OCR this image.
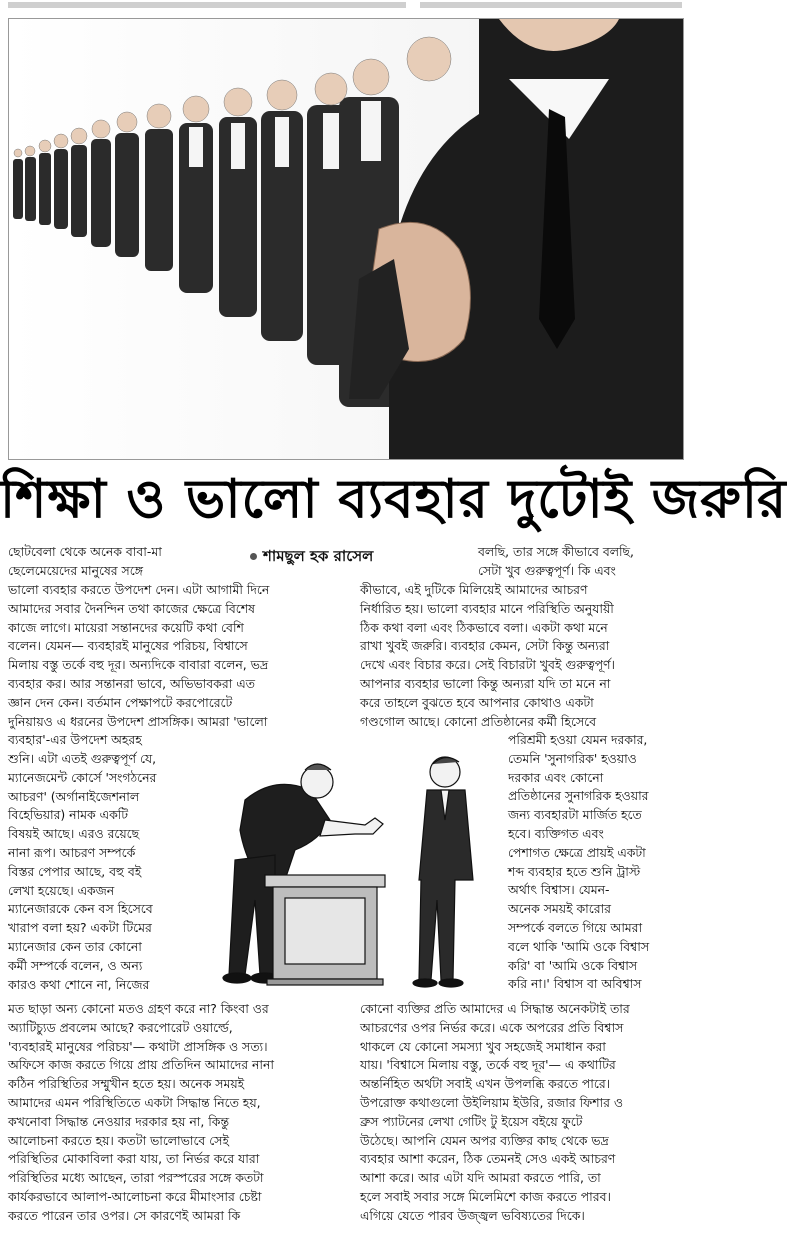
শিক্ষা ও ভালো ব্যবহার দুটোই জরুরি

ছোটবেলা থেকে অনেক বাবা-মা

ছেলেমেয়েদের মানুষের সঙ্গে

শামছুল হক রাসেল

ভালো ব্যবহার করতে উপদেশ দেন। এটা আগামী দিনে

আমাদের সবার দৈনন্দিন তথা কাজের ক্ষেত্রে বিশেষ

কাজে লাগে। মায়েরা সন্তানদের কয়েটি কথা বেশি

বলেন। যেমন— ব্যবহারই মানুষের পরিচয়, বিশ্বাসে

মিলায় বস্তু তর্কে বহু দূর। অন্যদিকে বাবারা বলেন, ভদ্র

ব্যবহার কর। আর সন্তানরা ভাবে, অভিভাবকরা এত

জ্ঞান দেন কেন। বর্তমান পেক্ষাপটে করপোরেটে

দুনিয়ায়ও এ ধরনের উপদেশ প্রাসঙ্গিক। আমরা 'ভালো

ব্যবহার'-এর উপদেশ অহরহ

শুনি। এটা এতই গুরুত্বপূর্ণ যে,

ম্যানেজমেন্ট কোর্সে 'সংগঠনের

আচরণ' (অর্গানাইজেশনাল

বিহেভিয়ার) নামক একটি

বিষয়ই আছে। এরও রয়েছে

নানা রূপ। আচরণ সম্পর্কে

বিস্তর পেপার আছে, বহু বই

লেখা হয়েছে। একজন

ম্যানেজারকে কেন বস হিসেবে

খারাপ বলা হয়? একটা টিমের

ম্যানেজার কেন তার কোনো

কর্মী সম্পর্কে বলেন, ও অন্য

কারও কথা শোনে না, নিজের

মত ছাড়া অন্য কোনো মতও গ্রহণ করে না? কিংবা ওর

অ্যাটিচ্যুড প্রবলেম আছে? করপোরেট ওয়ার্ল্ডে,

'ব্যবহারই মানুষের পরিচয়'— কথাটা প্রাসঙ্গিক ও সত্য।

অফিসে কাজ করতে গিয়ে প্রায় প্রতিদিন আমাদের নানা

কঠিন পরিস্থিতির সম্মুখীন হতে হয়। অনেক সময়ই

আমাদের এমন পরিস্থিতিতে একটা সিদ্ধান্ত নিতে হয়,

কখনোবা সিদ্ধান্ত নেওয়ার দরকার হয় না, কিন্তু

আলোচনা করতে হয়। কতটা ভালোভাবে সেই

পরিস্থিতির মোকাবিলা করা যায়, তা নির্ভর করে যারা

পরিস্থিতির মধ্যে আছেন, তারা পরস্পরের সঙ্গে কতটা

কার্যকরভাবে আলাপ-আলোচনা করে মীমাংসার চেষ্টা

করতে পারেন তার ওপর। সে কারণেই আমরা কি

বলছি, তার সঙ্গে কীভাবে বলছি,

সেটা খুব গুরুত্বপূর্ণ। কি এবং

কীভাবে, এই দুটিকে মিলিয়েই আমাদের আচরণ

নির্ধারিত হয়। ভালো ব্যবহার মানে পরিস্থিতি অনুযায়ী

ঠিক কথা বলা এবং ঠিকভাবে বলা। একটা কথা মনে

রাখা খুবই জরুরি। ব্যবহার কেমন, সেটা কিন্তু অন্যরা

দেখে এবং বিচার করে। সেই বিচারটা খুবই গুরুত্বপূর্ণ।

আপনার ব্যবহার ভালো কিন্তু অন্যরা যদি তা মনে না

করে তাহলে বুঝতে হবে আপনার কোথাও একটা

গণ্ডগোল আছে। কোনো প্রতিষ্ঠানের কর্মী হিসেবে

পরিশ্রমী হওয়া যেমন দরকার,

তেমনি 'সুনাগরিক' হওয়াও

দরকার এবং কোনো

প্রতিষ্ঠানের সুনাগরিক হওয়ার

জন্য ব্যবহারটা মার্জিত হতে

হবে। ব্যক্তিগত এবং

পেশাগত ক্ষেত্রে প্রায়ই একটা

শব্দ ব্যবহার হতে শুনি ট্রাস্ট

অর্থাৎ বিশ্বাস। যেমন-

অনেক সময়ই কারোর

সম্পর্কে বলতে গিয়ে আমরা

বলে থাকি 'আমি ওকে বিশ্বাস

করি' বা 'আমি ওকে বিশ্বাস

করি না।' বিশ্বাস বা অবিশ্বাস

কোনো ব্যক্তির প্রতি আমাদের এ সিদ্ধান্ত অনেকটাই তার

আচরণের ওপর নির্ভর করে। একে অপরের প্রতি বিশ্বাস

থাকলে যে কোনো সমস্যা খুব সহজেই সমাধান করা

যায়। 'বিশ্বাসে মিলায় বস্তু, তর্কে বহু দূর'— এ কথাটির

অন্তর্নিহিত অর্থটা সবাই এখন উপলব্ধি করতে পারে।

উপরোক্ত কথাগুলো উইলিয়াম ইউরি, রজার ফিশার ও

ব্রুস প্যাটনের লেখা গেটিং টু ইয়েস বইয়ে ফুটে

উঠেছে। আপনি যেমন অপর ব্যক্তির কাছ থেকে ভদ্র

ব্যবহার আশা করেন, ঠিক তেমনই সেও একই আচরণ

আশা করে। আর এটা যদি আমরা করতে পারি, তা

হলে সবাই সবার সঙ্গে মিলেমিশে কাজ করতে পারব।

এগিয়ে যেতে পারব উজ্জ্বল ভবিষ্যতের দিকে।
